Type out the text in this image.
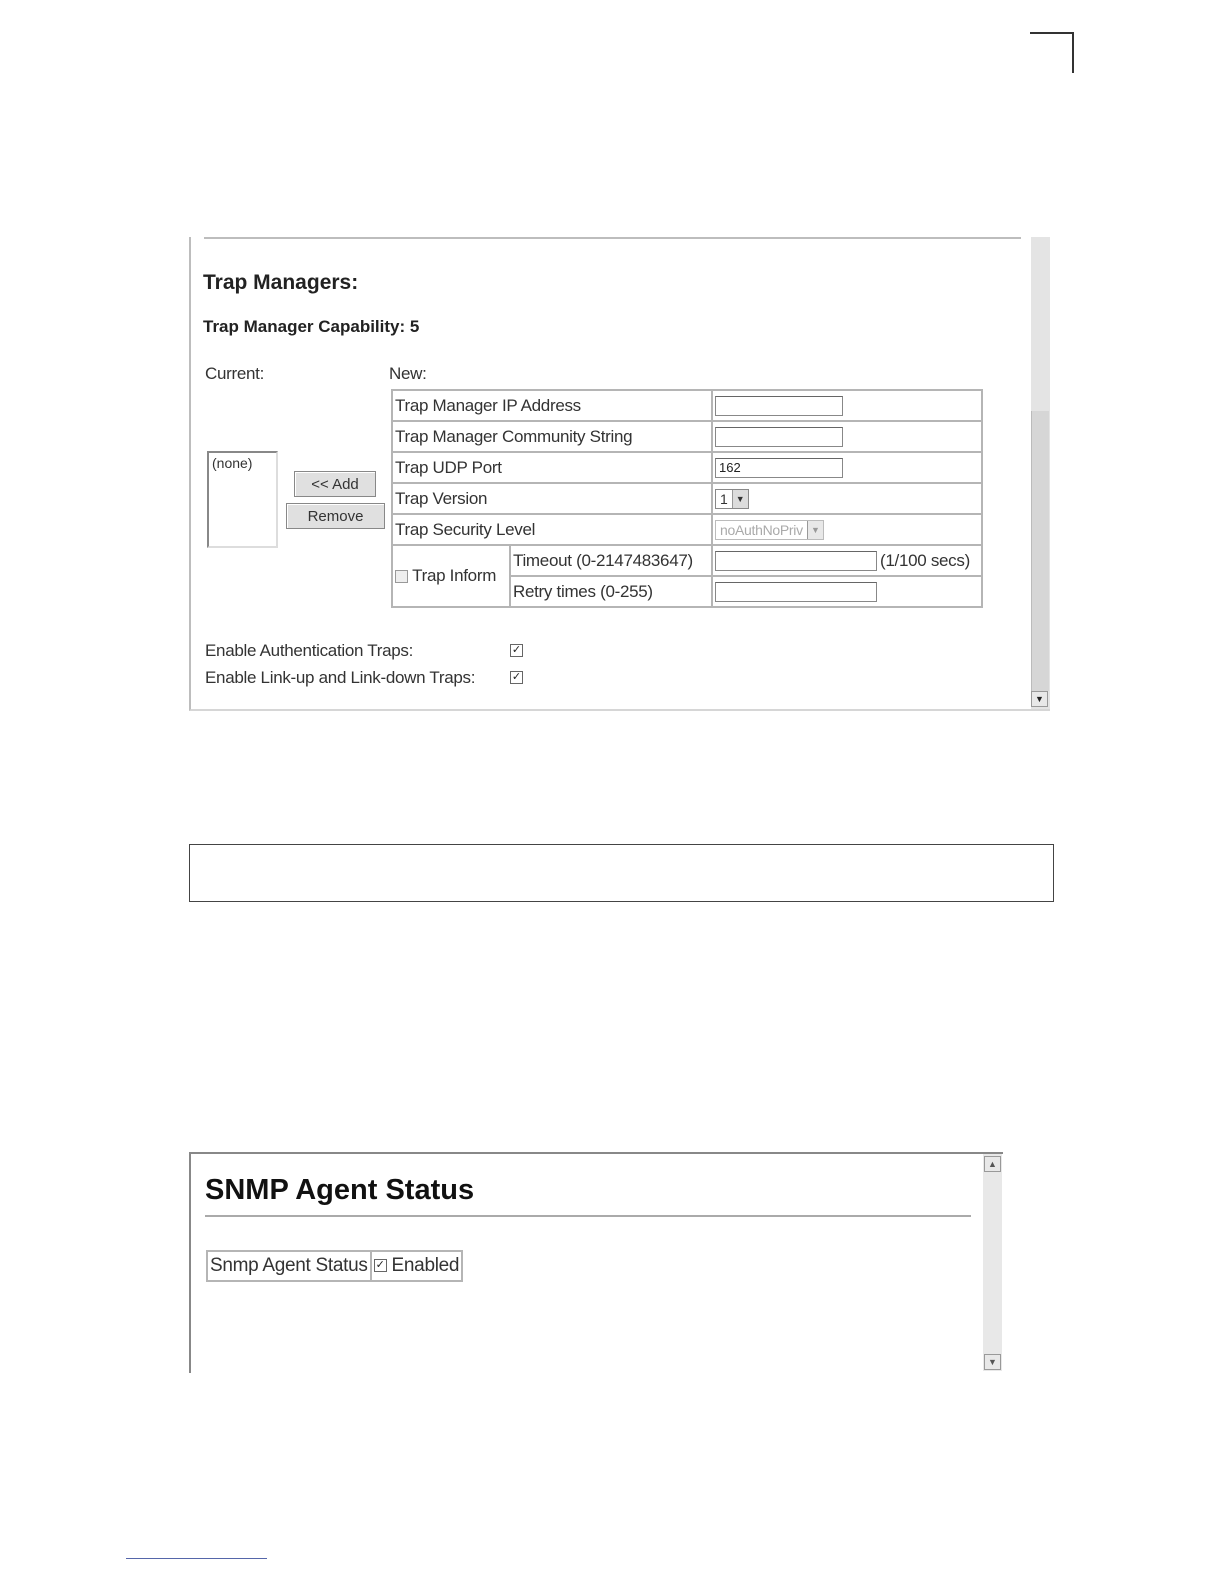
Trap Managers:
Trap Manager Capability: 5
Current:	New:
(none)
<< Add
Remove
Trap Manager IP Address	

Trap Manager Community String	

Trap UDP Port	
162
Trap Version		1 ▼

Trap Security Level		noAuthNoPriv ▼

Trap Inform	Timeout (0-2147483647)	(1/100 secs)

	Retry times (0-255)	
Enable Authentication Traps:	✓
Enable Link-up and Link-down Traps:	✓
▼
SNMP Agent Status
Snmp Agent Status	✓ Enabled
▲
▼
